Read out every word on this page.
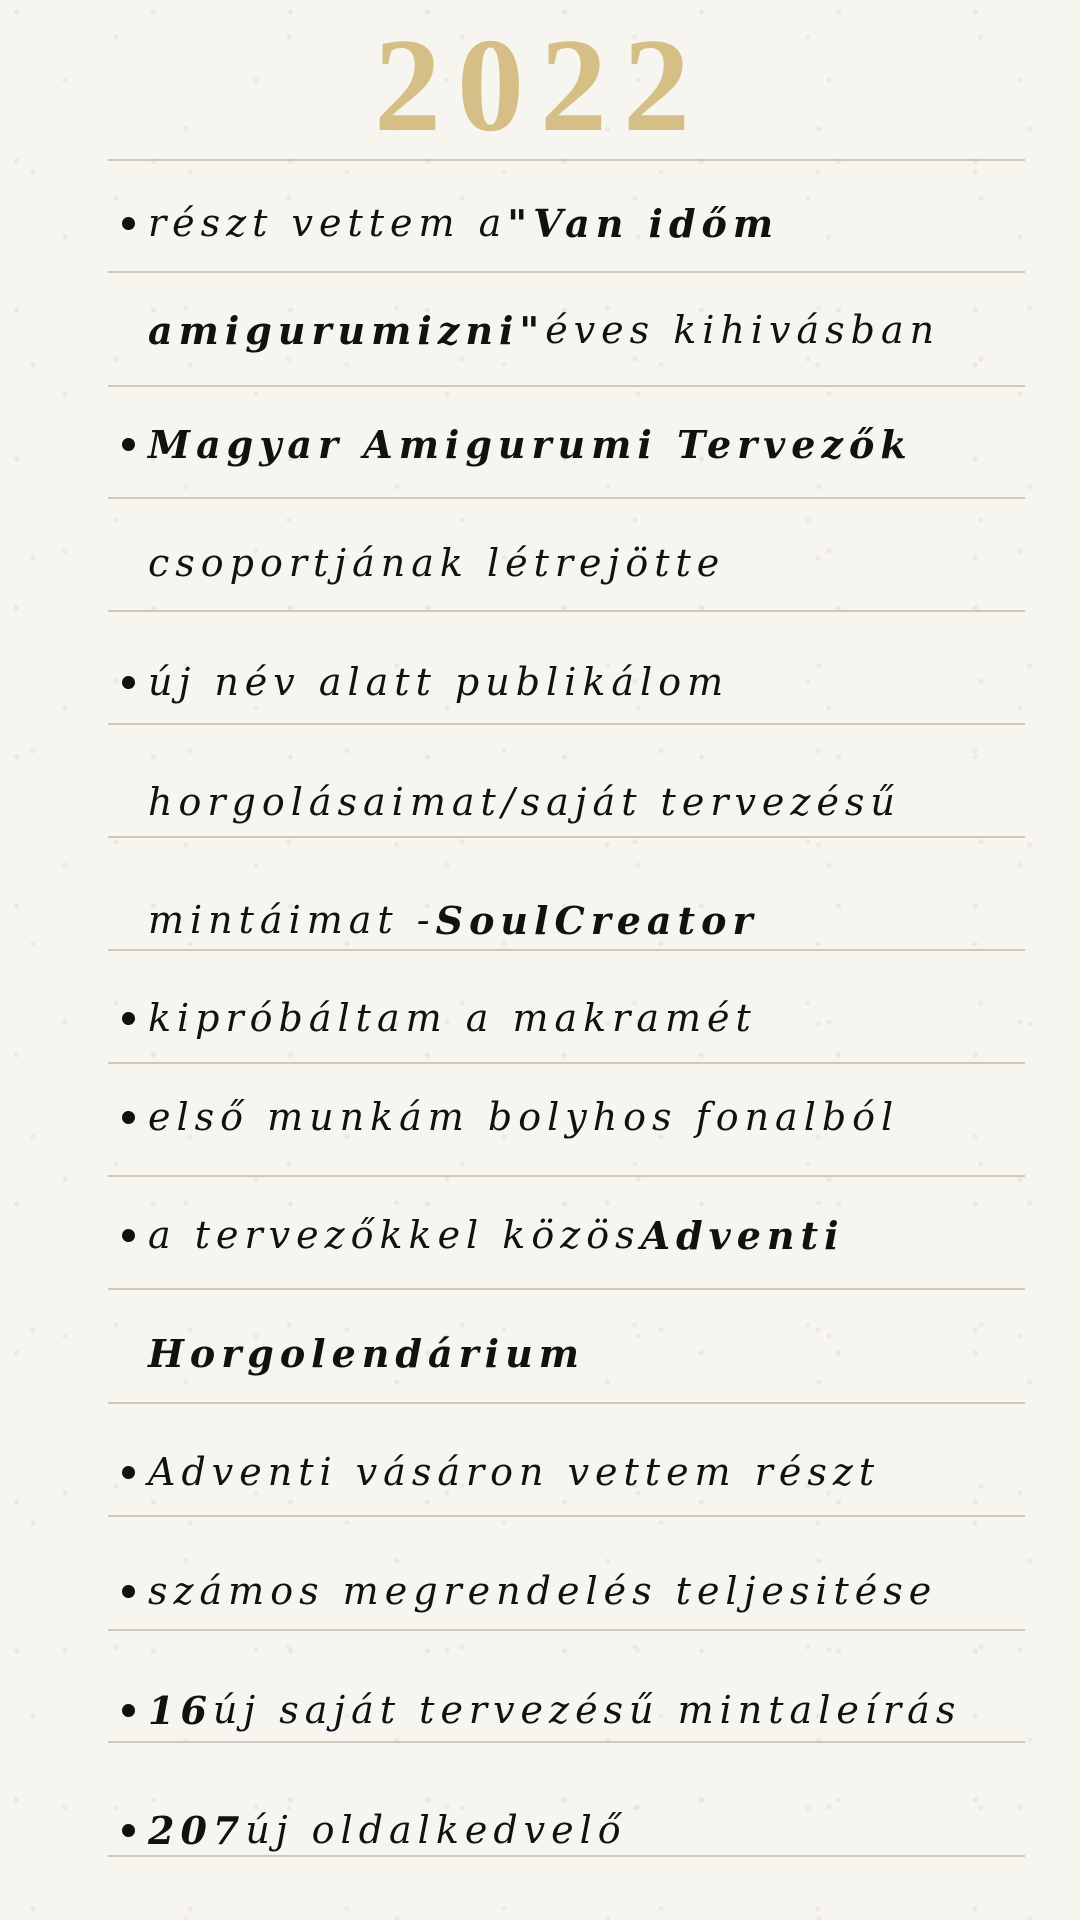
2022
részt vettem a "Van időm
amigurumizni" éves kihivásban
Magyar Amigurumi Tervezők
csoportjának létrejötte
új név alatt publikálom
horgolásaimat/saját tervezésű
mintáimat - SoulCreator
kipróbáltam a makramét
első munkám bolyhos fonalból
a tervezőkkel közös Adventi
Horgolendárium
Adventi vásáron vettem részt
számos megrendelés teljesitése
16 új saját tervezésű mintaleírás
207 új oldalkedvelő
